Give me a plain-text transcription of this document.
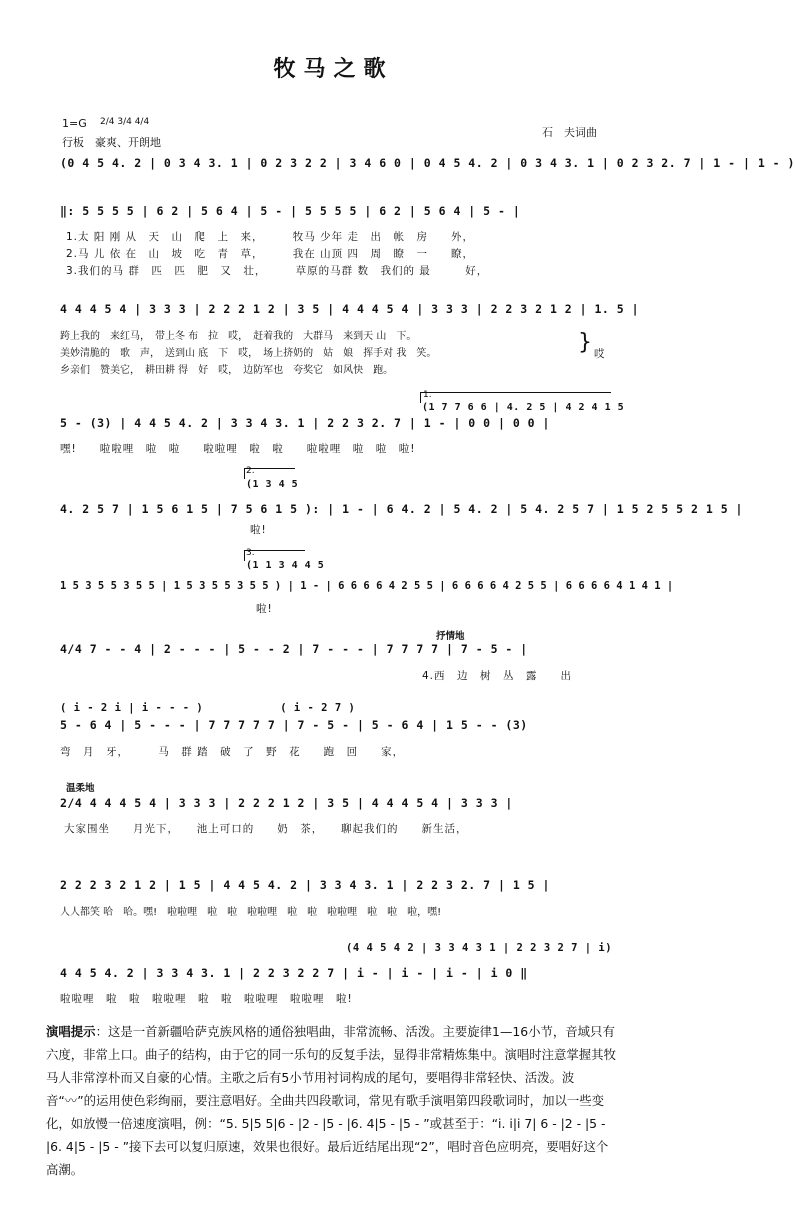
牧马之歌
1=G 2/4 3/4 4/4
行板　豪爽、开朗地
石　夫词曲
(0 4 5 4. 2 | 0 3 4 3. 1 | 0 2 3 2 2 | 3 4 6 0 | 0 4 5 4. 2 | 0 3 4 3. 1 | 0 2 3 2. 7 | 1 - | 1 - )
‖: 5 5 5 5 | 6 2 | 5 6 4 | 5 - | 5 5 5 5 | 6 2 | 5 6 4 | 5 - |
1.太 阳 刚 从　天　山　爬　上　来，　　　牧马 少年 走　出　帐　房　　外，
2.马 儿 依 在　山　坡　吃　青　草，　　　我在 山顶 四　周　瞭　一　　瞭，
3.我们的马 群　匹　匹　肥　又　壮，　　　草原的马群 数　我们的 最　　　好，
4 4 4 5 4 | 3 3 3 | 2 2 2 1 2 | 3 5 | 4 4 4 5 4 | 3 3 3 | 2 2 3 2 1 2 | 1. 5 |
跨上我的　来红马，　带上冬 布　拉　哎，　赶着我的　大群马　来到天 山　下。
美妙清脆的　歌　声，　送到山 底　下　哎，　场上挤奶的　姑　娘　挥手对 我　笑。
乡亲们　赞美它，　耕田耕 得　好　哎，　边防军也　夸奖它　如风快　跑。
} 哎
1.
(1 7 7 6 6 | 4. 2 5 | 4 2 4 1 5
5 - (3) | 4 4 5 4. 2 | 3 3 4 3. 1 | 2 2 3 2. 7 | 1 - | 0 0 | 0 0 |
嘿!　　啦啦哩　啦　啦　　啦啦哩　啦　啦　　啦啦哩　啦　啦　啦!
2.
(1 3 4 5
4. 2 5 7 | 1 5 6 1 5 | 7 5 6 1 5 ): | 1 - | 6 4. 2 | 5 4. 2 | 5 4. 2 5 7 | 1 5 2 5 5 2 1 5 |
啦!
3.
(1 1 3 4 4 5
1 5 3 5 5 3 5 5 | 1 5 3 5 5 3 5 5 ) | 1 - | 6 6 6 6 4 2 5 5 | 6 6 6 6 4 2 5 5 | 6 6 6 6 4 1 4 1 |
啦!
抒情地
4/4 7 - - 4 | 2 - - - | 5 - - 2 | 7 - - - | 7 7 7 7 | 7 - 5 - |
4.西　边　树　丛　露　　出
( i - 2 i | i - - - )　　　　　　　( i - 2 7 )
5 - 6 4 | 5 - - - | 7 7 7 7 7 | 7 - 5 - | 5 - 6 4 | 1 5 - - (3)
弯　月　牙，　　　马　群 踏　破　了　野　花　　跑　回　　家，
温柔地
2/4 4 4 4 5 4 | 3 3 3 | 2 2 2 1 2 | 3 5 | 4 4 4 5 4 | 3 3 3 |
大家围坐　　月光下，　　池上可口的　　奶　茶，　　聊起我们的　　新生活，
2 2 2 3 2 1 2 | 1 5 | 4 4 5 4. 2 | 3 3 4 3. 1 | 2 2 3 2. 7 | 1 5 |
人人都笑 哈　哈。嘿!　啦啦哩　啦　啦　啦啦哩　啦　啦　啦啦哩　啦　啦　啦，嘿!
(4 4 5 4 2 | 3 3 4 3 1 | 2 2 3 2 7 | i)
4 4 5 4. 2 | 3 3 4 3. 1 | 2 2 3 2 2 7 | i - | i - | i - | i 0 ‖
啦啦哩　啦　啦　啦啦哩　啦　啦　啦啦哩　啦啦哩　啦!
演唱提示：这是一首新疆哈萨克族风格的通俗独唱曲，非常流畅、活泼。主要旋律1—16小节，音域只有六度，非常上口。曲子的结构，由于它的同一乐句的反复手法，显得非常精炼集中。演唱时注意掌握其牧马人非常淳朴而又自豪的心情。主歌之后有5小节用衬词构成的尾句，要唱得非常轻快、活泼。波音“〰”的运用使色彩绚丽，要注意唱好。全曲共四段歌词，常见有歌手演唱第四段歌词时，加以一些变化，如放慢一倍速度演唱，例：“5. 5|5 5|6 - |2 - |5 - |6. 4|5 - |5 - ”或甚至于：“i. i|i 7| 6 - |2 - |5 - |6. 4|5 - |5 - ”接下去可以复归原速，效果也很好。最后近结尾出现“2”，唱时音色应明亮，要唱好这个高潮。
